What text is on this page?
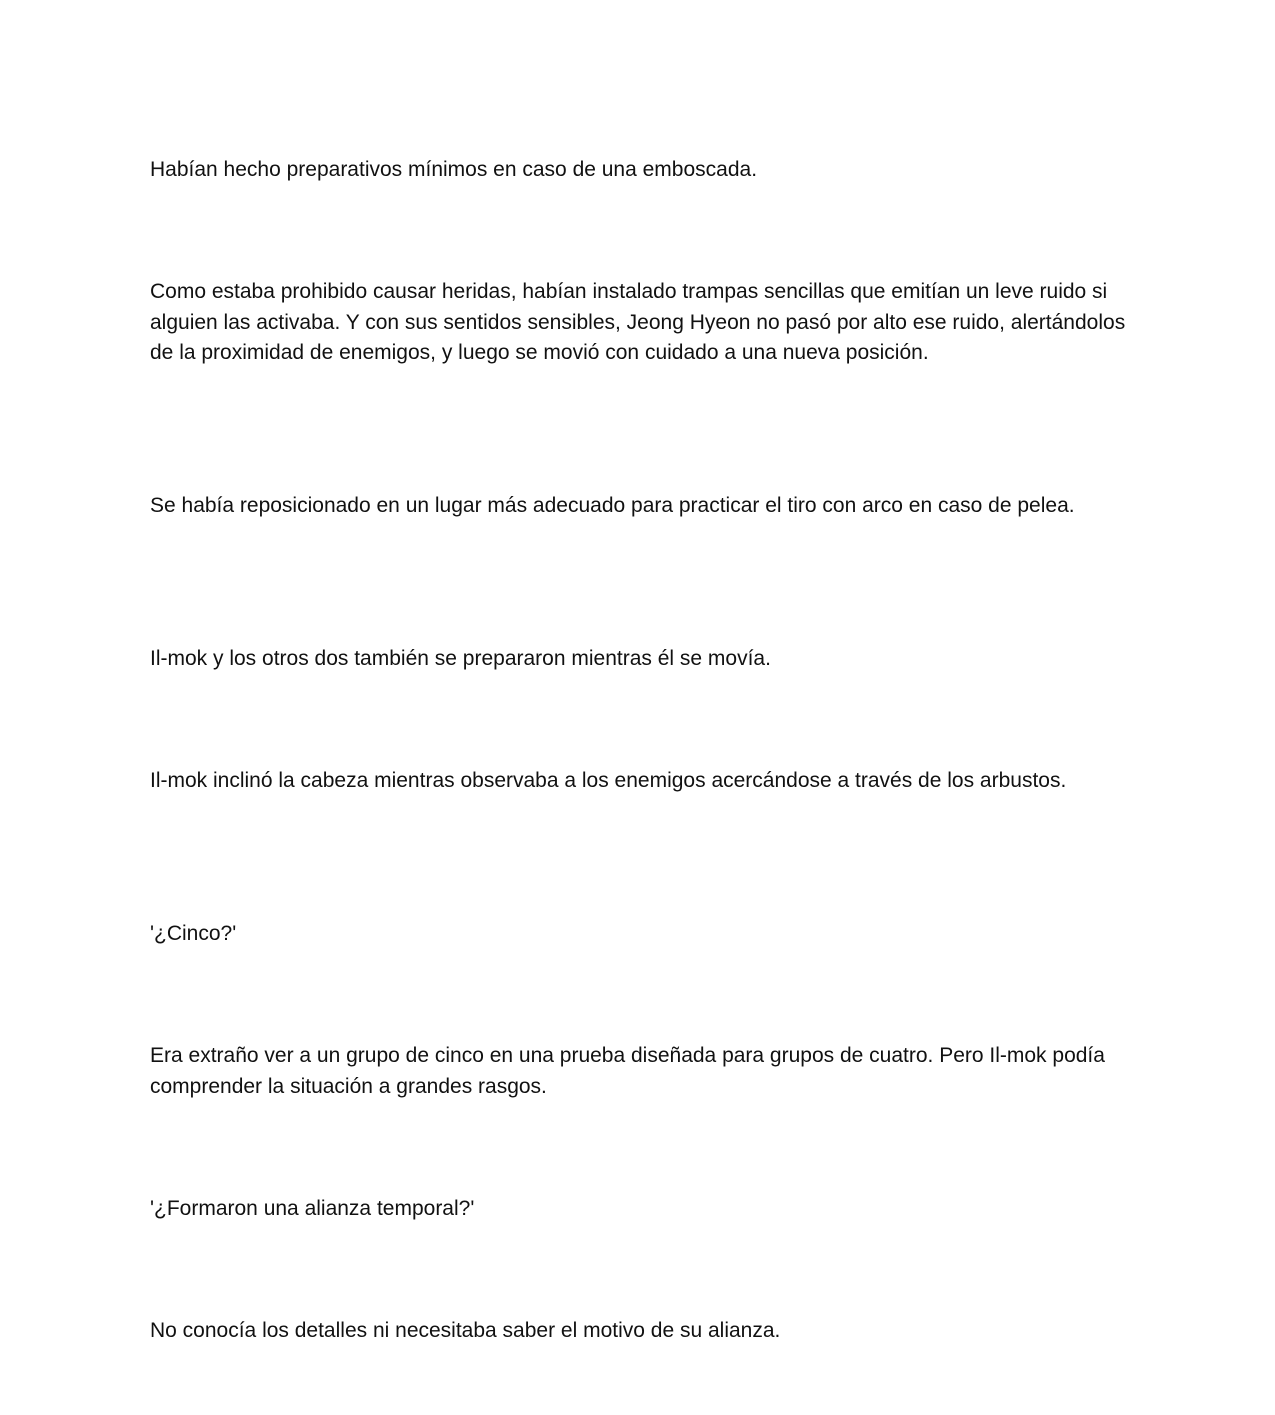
Habían hecho preparativos mínimos en caso de una emboscada.

Como estaba prohibido causar heridas, habían instalado trampas sencillas que emitían un leve ruido si alguien las activaba. Y con sus sentidos sensibles, Jeong Hyeon no pasó por alto ese ruido, alertándolos de la proximidad de enemigos, y luego se movió con cuidado a una nueva posición.

Se había reposicionado en un lugar más adecuado para practicar el tiro con arco en caso de pelea.

Il-mok y los otros dos también se prepararon mientras él se movía.

Il-mok inclinó la cabeza mientras observaba a los enemigos acercándose a través de los arbustos.

'¿Cinco?'

Era extraño ver a un grupo de cinco en una prueba diseñada para grupos de cuatro. Pero Il-mok podía comprender la situación a grandes rasgos.

'¿Formaron una alianza temporal?'

No conocía los detalles ni necesitaba saber el motivo de su alianza.
